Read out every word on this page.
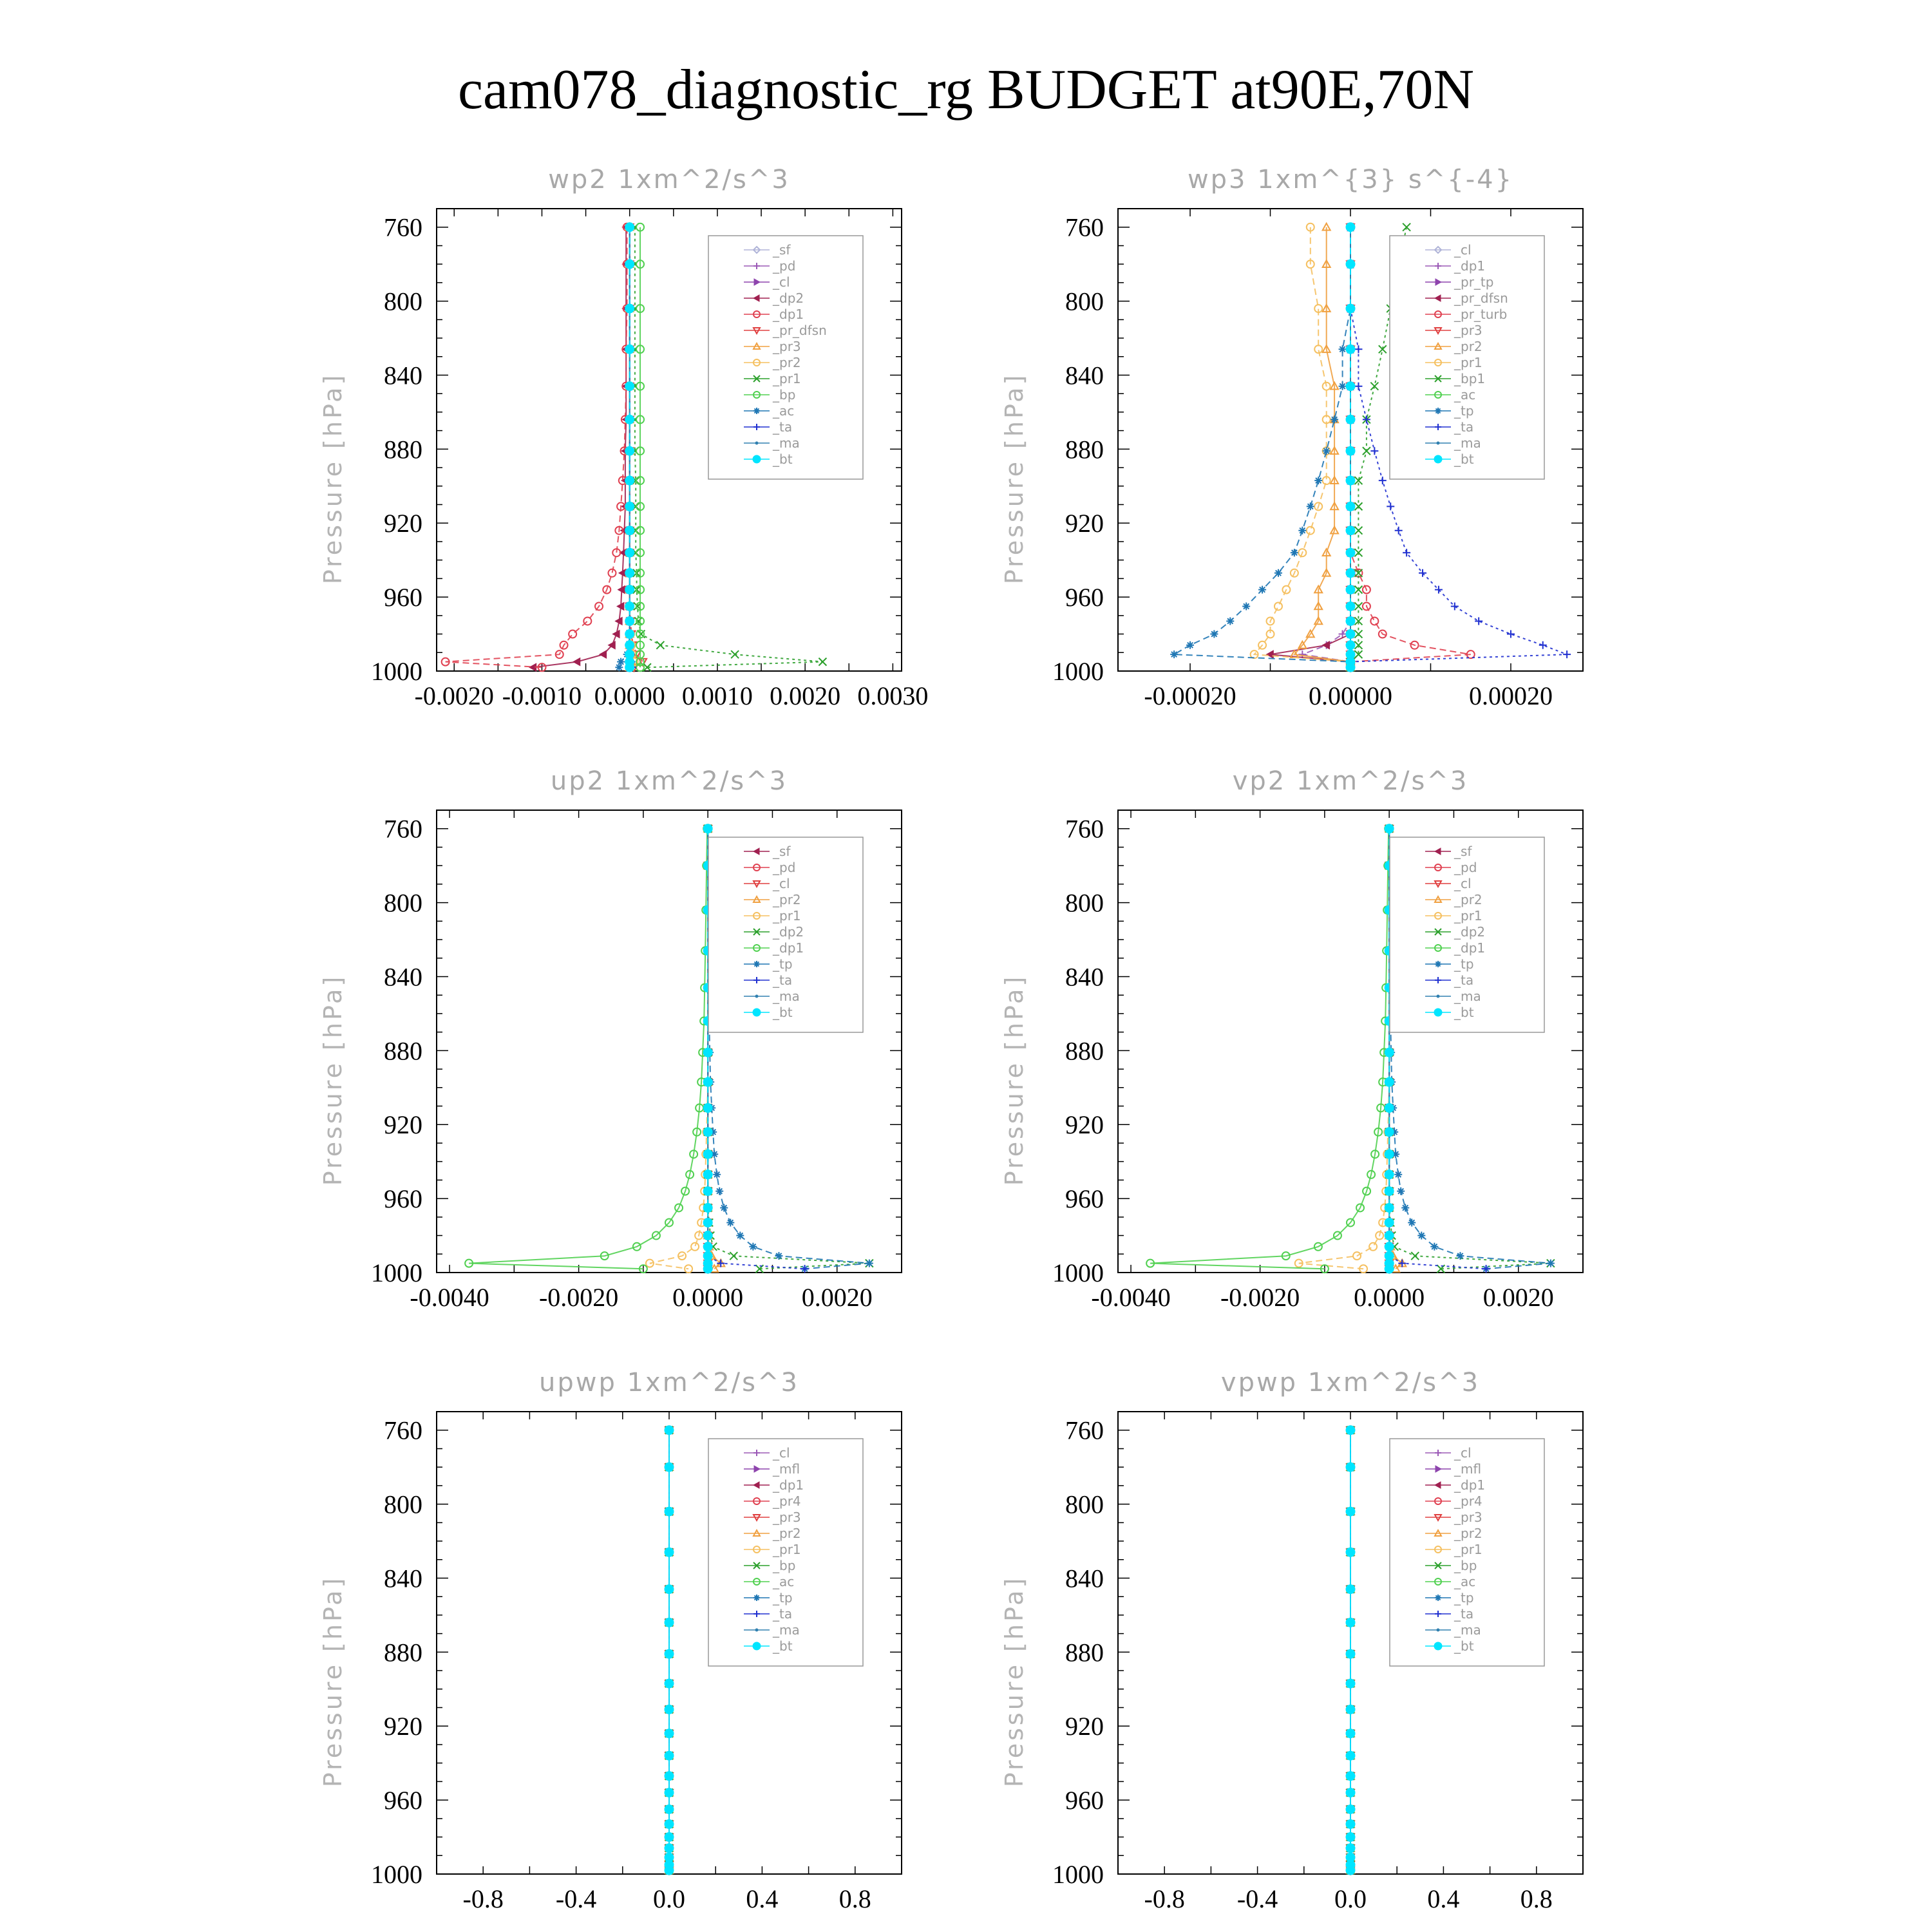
cam078_diagnostic_rg BUDGET at90E,70N
wp2 1xm^2/s^3
Pressure [hPa]
760
800
840
880
920
960
1000
-0.0020 -0.0010 0.0000 0.0010 0.0020 0.0030
_sf
_pd
_cl
_dp2
_dp1
_pr_dfsn
_pr3
_pr2
_pr1
_bp
_ac
_ta
_ma
_bt
wp3 1xm^{3} s^{-4}
Pressure [hPa]
760
800
840
880
920
960
1000
-0.00020	0.00000	0.00020
_cl
_dp1
_pr_tp
_pr_dfsn
_pr_turb
_pr3
_pr2
_pr1
_bp1
_ac
_tp
_ta
_ma
_bt
up2 1xm^2/s^3
Pressure [hPa]
760
800
840
880
920
960
1000
-0.0040 -0.0020 0.0000 0.0020
_sf
_pd
_cl
_pr2
_pr1
_dp2
_dp1
_tp
_ta
_ma
_bt
vp2 1xm^2/s^3
Pressure [hPa]
760
800
840
880
920
960
1000
-0.0040 -0.0020 0.0000 0.0020
_sf
_pd
_cl
_pr2
_pr1
_dp2
_dp1
_tp
_ta
_ma
_bt
upwp 1xm^2/s^3
Pressure [hPa]
760
800
840
880
920
960
1000
-0.8 -0.4 0.0 0.4 0.8
_cl
_mfl
_dp1
_pr4
_pr3
_pr2
_pr1
_bp
_ac
_tp
_ta
_ma
_bt
vpwp 1xm^2/s^3
Pressure [hPa]
760
800
840
880
920
960
1000
-0.8 -0.4 0.0 0.4 0.8
_cl
_mfl
_dp1
_pr4
_pr3
_pr2
_pr1
_bp
_ac
_tp
_ta
_ma
_bt
